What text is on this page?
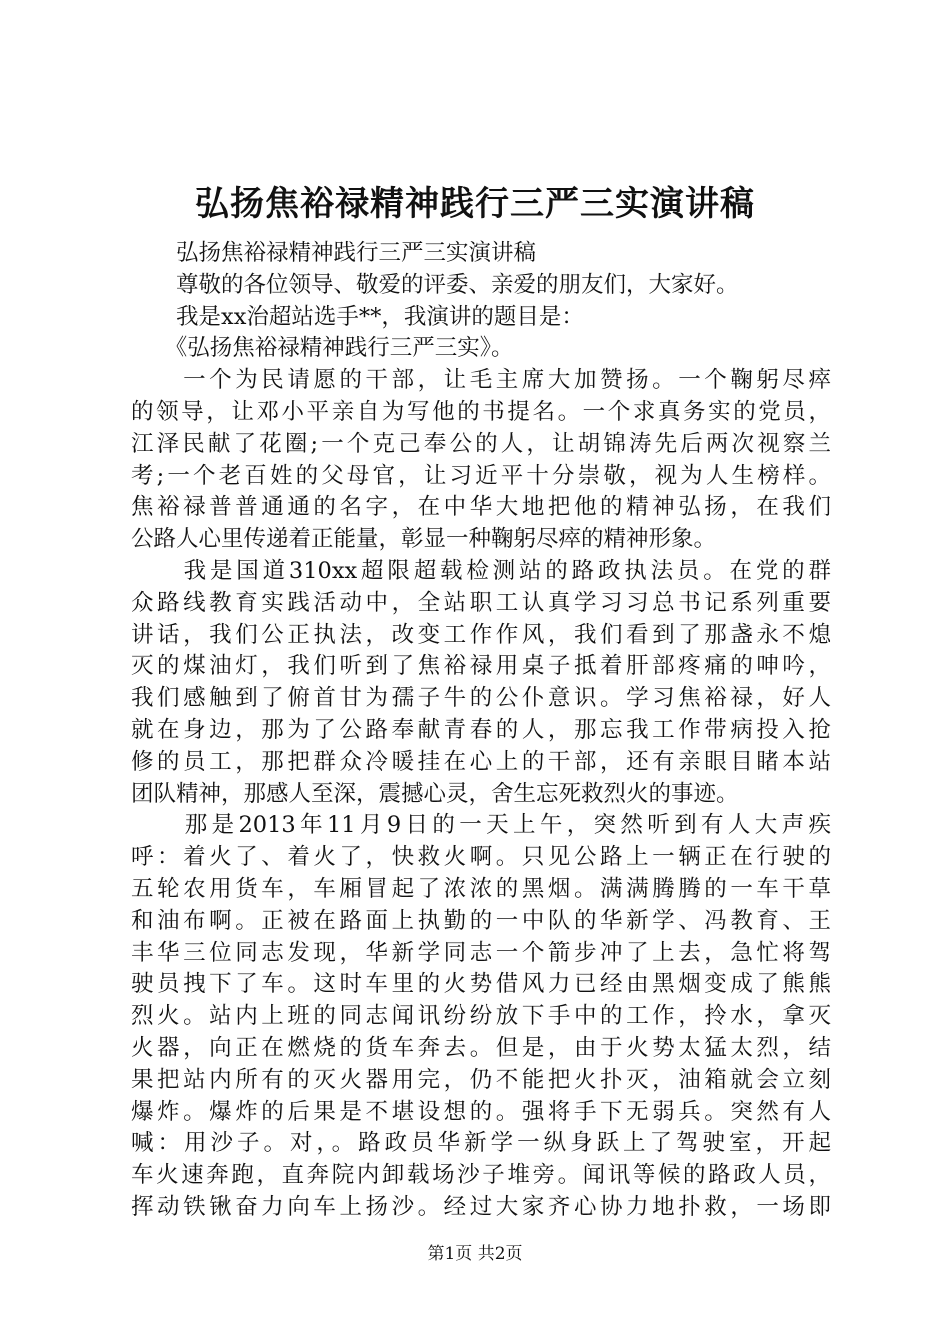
弘扬焦裕禄精神践行三严三实演讲稿
　　弘扬焦裕禄精神践行三严三实演讲稿
　　尊敬的各位领导、敬爱的评委、亲爱的朋友们，大家好。
　　我是xx治超站选手**，我演讲的题目是：
　　《弘扬焦裕禄精神践行三严三实》。
　　一个为民请愿的干部，让毛主席大加赞扬。一个鞠躬尽瘁
的领导，让邓小平亲自为写他的书提名。一个求真务实的党员，
江泽民献了花圈;一个克己奉公的人，让胡锦涛先后两次视察兰
考;一个老百姓的父母官，让习近平十分崇敬，视为人生榜样。
焦裕禄普普通通的名字，在中华大地把他的精神弘扬，在我们
公路人心里传递着正能量，彰显一种鞠躬尽瘁的精神形象。
　　我是国道310xx超限超载检测站的路政执法员。在党的群
众路线教育实践活动中，全站职工认真学习习总书记系列重要
讲话，我们公正执法，改变工作作风，我们看到了那盏永不熄
灭的煤油灯，我们听到了焦裕禄用桌子抵着肝部疼痛的呻吟，
我们感触到了俯首甘为孺子牛的公仆意识。学习焦裕禄，好人
就在身边，那为了公路奉献青春的人，那忘我工作带病投入抢
修的员工，那把群众冷暖挂在心上的干部，还有亲眼目睹本站
团队精神，那感人至深，震撼心灵，舍生忘死救烈火的事迹。
　　那是2013年11月9日的一天上午，突然听到有人大声疾
呼：着火了、着火了，快救火啊。只见公路上一辆正在行驶的
五轮农用货车，车厢冒起了浓浓的黑烟。满满腾腾的一车干草
和油布啊。正被在路面上执勤的一中队的华新学、冯教育、王
丰华三位同志发现，华新学同志一个箭步冲了上去，急忙将驾
驶员拽下了车。这时车里的火势借风力已经由黑烟变成了熊熊
烈火。站内上班的同志闻讯纷纷放下手中的工作，拎水，拿灭
火器，向正在燃烧的货车奔去。但是，由于火势太猛太烈，结
果把站内所有的灭火器用完，仍不能把火扑灭，油箱就会立刻
爆炸。爆炸的后果是不堪设想的。强将手下无弱兵。突然有人
喊：用沙子。对，。路政员华新学一纵身跃上了驾驶室，开起
车火速奔跑，直奔院内卸载场沙子堆旁。闻讯等候的路政人员，
挥动铁锹奋力向车上扬沙。经过大家齐心协力地扑救，一场即
第1页 共2页
